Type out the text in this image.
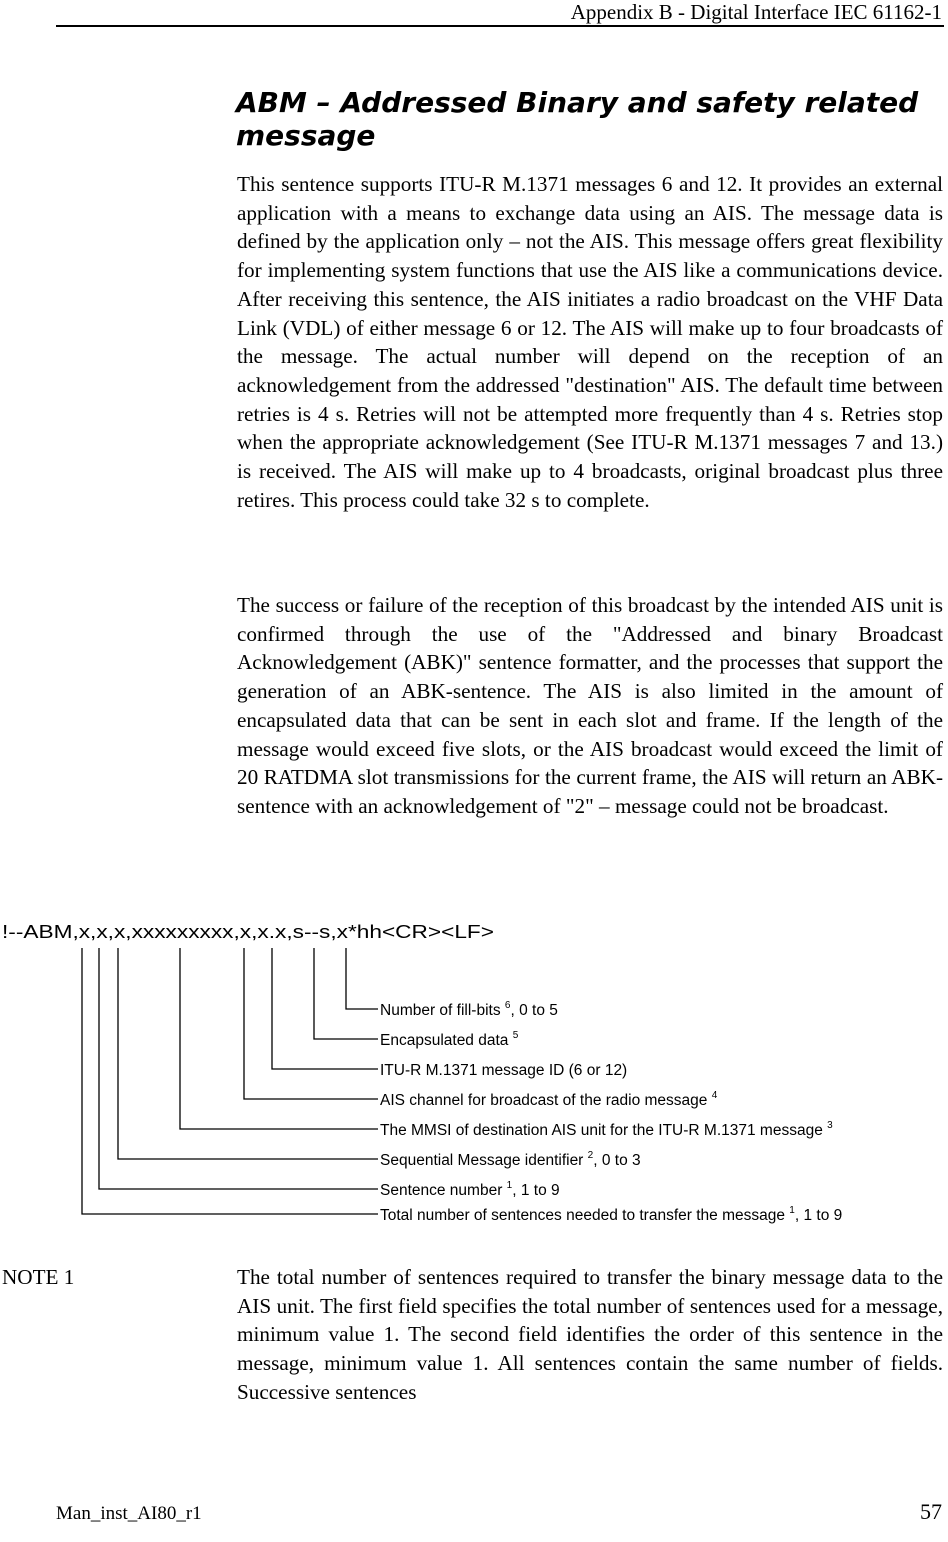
Appendix B - Digital Interface IEC 61162-1
ABM – Addressed Binary and safety related message

This sentence supports ITU-R M.1371 messages 6 and 12. It provides an external application with a means to exchange data using an AIS. The message data is defined by the application only – not the AIS. This message offers great flexibility for implementing system functions that use the AIS like a communications device. After receiving this sentence, the AIS initiates a radio broadcast on the VHF Data Link (VDL) of either message 6 or 12. The AIS will make up to four broadcasts of the message. The actual number will depend on the reception of an acknowledgement from the addressed "destination" AIS. The default time between retries is 4 s. Retries will not be attempted more frequently than 4 s. Retries stop when the appropriate acknowledgement (See ITU-R M.1371 messages 7 and 13.) is received. The AIS will make up to 4 broadcasts, original broadcast plus three retires. This process could take 32 s to complete.

The success or failure of the reception of this broadcast by the intended AIS unit is confirmed through the use of the "Addressed and binary Broadcast Acknowledgement (ABK)" sentence formatter, and the processes that support the generation of an ABK-sentence. The AIS is also limited in the amount of encapsulated data that can be sent in each slot and frame. If the length of the message would exceed five slots, or the AIS broadcast would exceed the limit of 20 RATDMA slot transmissions for the current frame, the AIS will return an ABK-sentence with an acknowledgement of "2" – message could not be broadcast.

!--ABM,x,x,x,xxxxxxxxx,x,x.x,s--s,x*hh<CR><LF>
Number of fill-bits $^6$, 0 to 5
Encapsulated data $^5$
ITU-R M.1371 message ID (6 or 12)
AIS channel for broadcast of the radio message $^4$
The MMSI of destination AIS unit for the ITU-R M.1371 message $^3$
Sequential Message identifier $^2$, 0 to 3
Sentence number $^1$, 1 to 9
Total number of sentences needed to transfer the message $^1$, 1 to 9
NOTE 1	The total number of sentences required to transfer the binary message data to the AIS unit. The first field specifies the total number of sentences used for a message, minimum value 1. The second field identifies the order of this sentence in the message, minimum value 1. All sentences contain the same number of fields. Successive sentences

Man_inst_AI80_r1	57
